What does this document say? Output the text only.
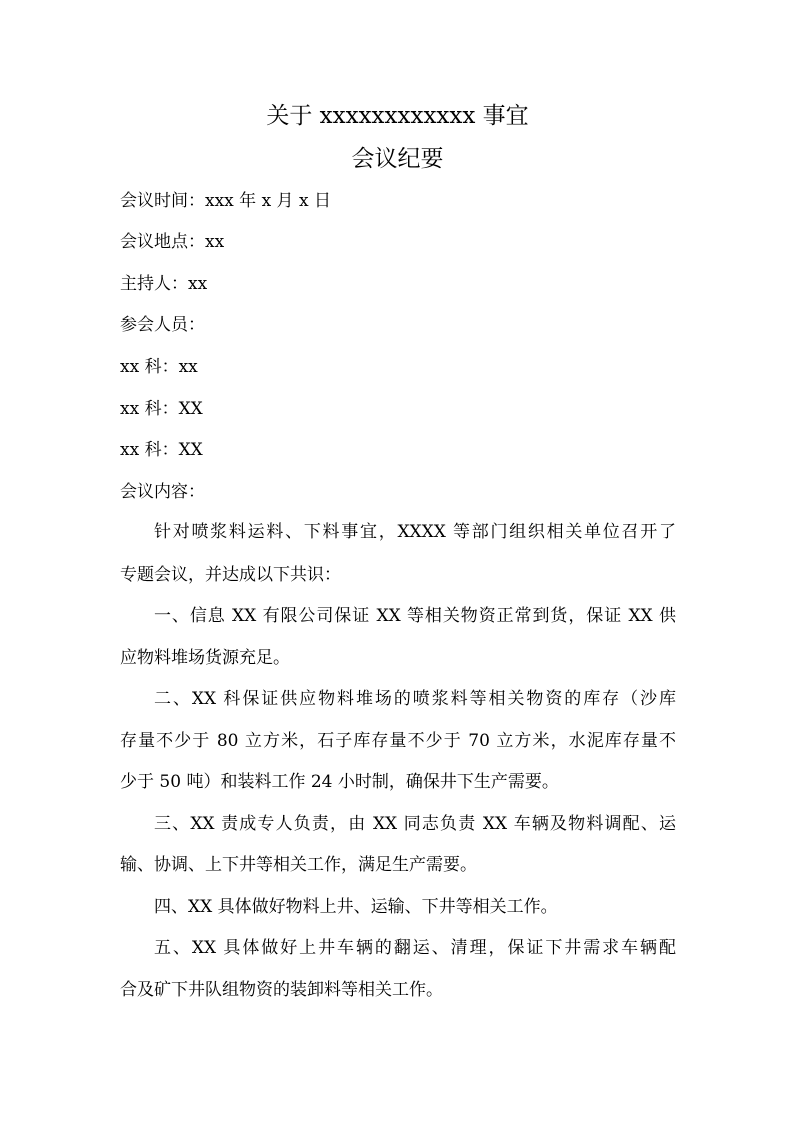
关于 xxxxxxxxxxxx 事宜
会议纪要
会议时间：xxx 年 x 月 x 日
会议地点：xx
主持人：xx
参会人员：
xx 科：xx
xx 科：XX
xx 科：XX
会议内容：
针对喷浆料运料、下料事宜，XXXX 等部门组织相关单位召开了
专题会议，并达成以下共识：
一、信息 XX 有限公司保证 XX 等相关物资正常到货，保证 XX 供
应物料堆场货源充足。
二、XX 科保证供应物料堆场的喷浆料等相关物资的库存（沙库
存量不少于 80 立方米，石子库存量不少于 70 立方米，水泥库存量不
少于 50 吨）和装料工作 24 小时制，确保井下生产需要。
三、XX 责成专人负责，由 XX 同志负责 XX 车辆及物料调配、运
输、协调、上下井等相关工作，满足生产需要。
四、XX 具体做好物料上井、运输、下井等相关工作。
五、XX 具体做好上井车辆的翻运、清理，保证下井需求车辆配
合及矿下井队组物资的装卸料等相关工作。
